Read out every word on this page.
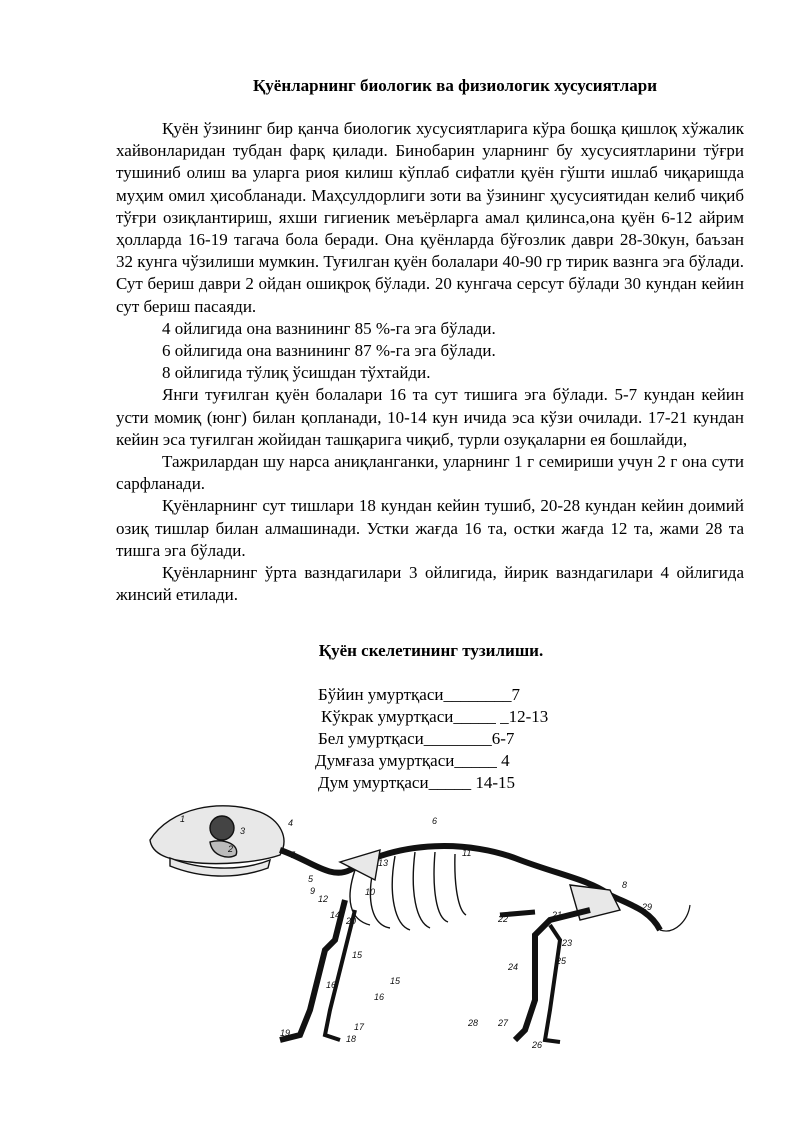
Қуёнларнинг биологик ва физиологик хусусиятлари

Қуён ўзининг бир қанча биологик хусусиятларига кўра бошқа қишлоқ хўжалик хайвонларидан тубдан фарқ қилади. Бинобарин уларнинг бу хусусиятларини тўғри тушиниб олиш ва уларга риоя килиш кўплаб сифатли қуён гўшти ишлаб чиқаришда муҳим омил ҳисобланади. Маҳсулдорлиги зоти ва ўзининг ҳусусиятидан келиб чиқиб тўғри озиқлантириш, яхши гигиеник меъёрларга амал қилинса,она қуён 6-12 айрим ҳолларда 16-19 тагача бола беради. Она қуёнларда бўғозлик даври 28-30кун, баъзан 32 кунга чўзилиши мумкин. Туғилган қуён болалари 40-90 гр тирик вазнга эга бўлади. Сут бериш даври 2 ойдан ошиқроқ бўлади. 20 кунгача серсут бўлади 30 кундан кейин сут бериш пасаяди.

4 ойлигида она вазнининг 85 %-га эга бўлади.

6 ойлигида она вазнининг 87 %-га эга бўлади.

8 ойлигида тўлиқ ўсишдан тўхтайди.

Янги туғилган қуён болалари 16 та сут тишига эга бўлади. 5-7 кундан кейин усти момиқ (юнг) билан қопланади, 10-14 кун ичида эса кўзи очилади. 17-21 кундан кейин эса туғилган жойидан ташқарига чиқиб, турли озуқаларни ея бошлайди,

Тажрилардан шу нарса аниқланганки, уларнинг 1 г семириши учун 2 г она сути сарфланади.

Қуёнларнинг сут тишлари 18 кундан кейин тушиб, 20-28 кундан кейин доимий озиқ тишлар билан алмашинади. Устки жағда 16 та, остки жағда 12 та, жами 28 та тишга эга бўлади.

Қуёнларнинг ўрта вазндагилари 3 ойлигида, йирик вазндагилари 4 ойлигида жинсий етилади.

Қуён скелетининг тузилиши.
Бўйин умуртқаси________7
Кўкрак умуртқаси_____ _12-13
Бел умуртқаси________6-7
Думғаза умуртқаси_____ 4
Дум умуртқаси_____ 14-15
1
2
3
4
5
6
7
8
9	10
11
12
13
14
15
15
16
16
17
18
19
20
21
22
23
24
25
26
27
28
29
